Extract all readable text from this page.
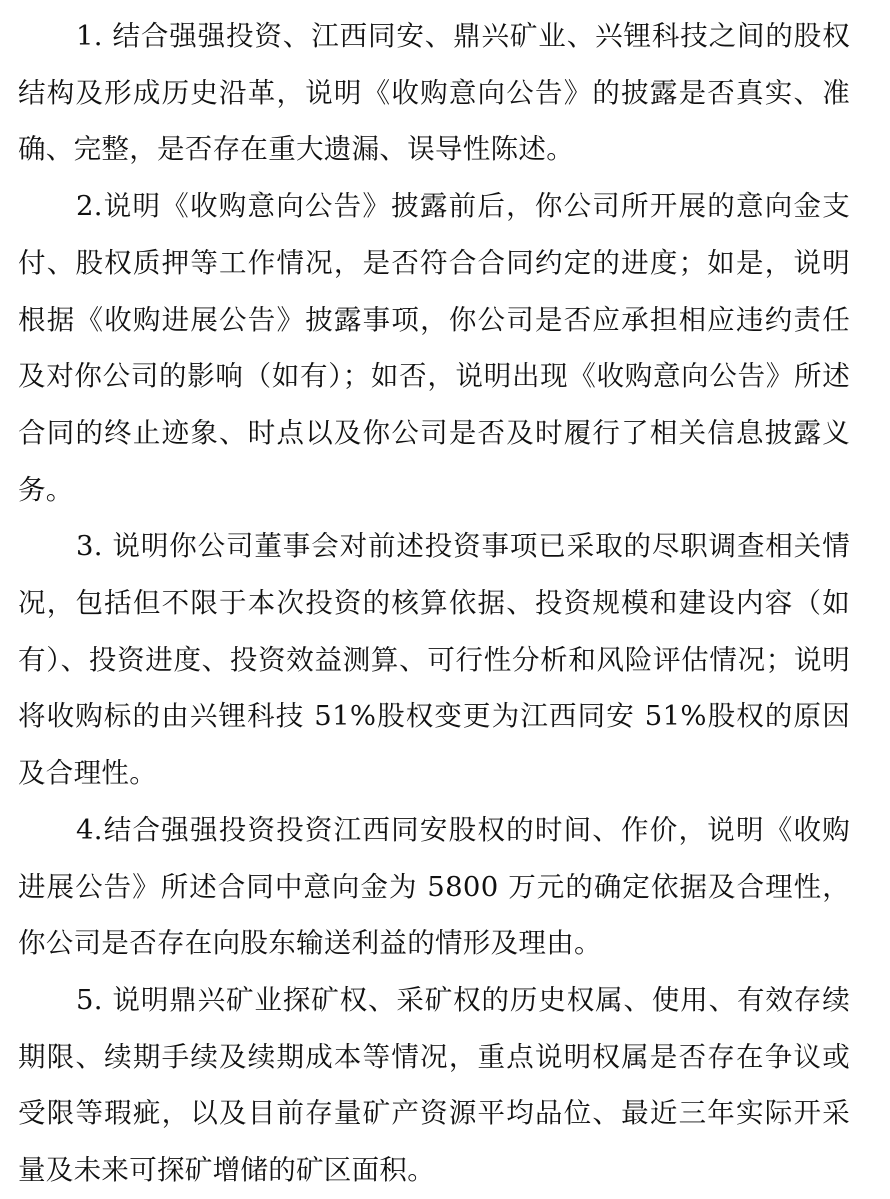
1. 结合强强投资、江西同安、鼎兴矿业、兴锂科技之间的股权结构及形成历史沿革，说明《收购意向公告》的披露是否真实、准确、完整，是否存在重大遗漏、误导性陈述。

2.说明《收购意向公告》披露前后，你公司所开展的意向金支付、股权质押等工作情况，是否符合合同约定的进度；如是，说明根据《收购进展公告》披露事项，你公司是否应承担相应违约责任及对你公司的影响（如有）；如否，说明出现《收购意向公告》所述合同的终止迹象、时点以及你公司是否及时履行了相关信息披露义务。

3. 说明你公司董事会对前述投资事项已采取的尽职调查相关情况，包括但不限于本次投资的核算依据、投资规模和建设内容（如有）、投资进度、投资效益测算、可行性分析和风险评估情况；说明将收购标的由兴锂科技 51%股权变更为江西同安 51%股权的原因及合理性。

4.结合强强投资投资江西同安股权的时间、作价，说明《收购进展公告》所述合同中意向金为 5800 万元的确定依据及合理性，你公司是否存在向股东输送利益的情形及理由。

5. 说明鼎兴矿业探矿权、采矿权的历史权属、使用、有效存续期限、续期手续及续期成本等情况，重点说明权属是否存在争议或受限等瑕疵，以及目前存量矿产资源平均品位、最近三年实际开采量及未来可探矿增储的矿区面积。
